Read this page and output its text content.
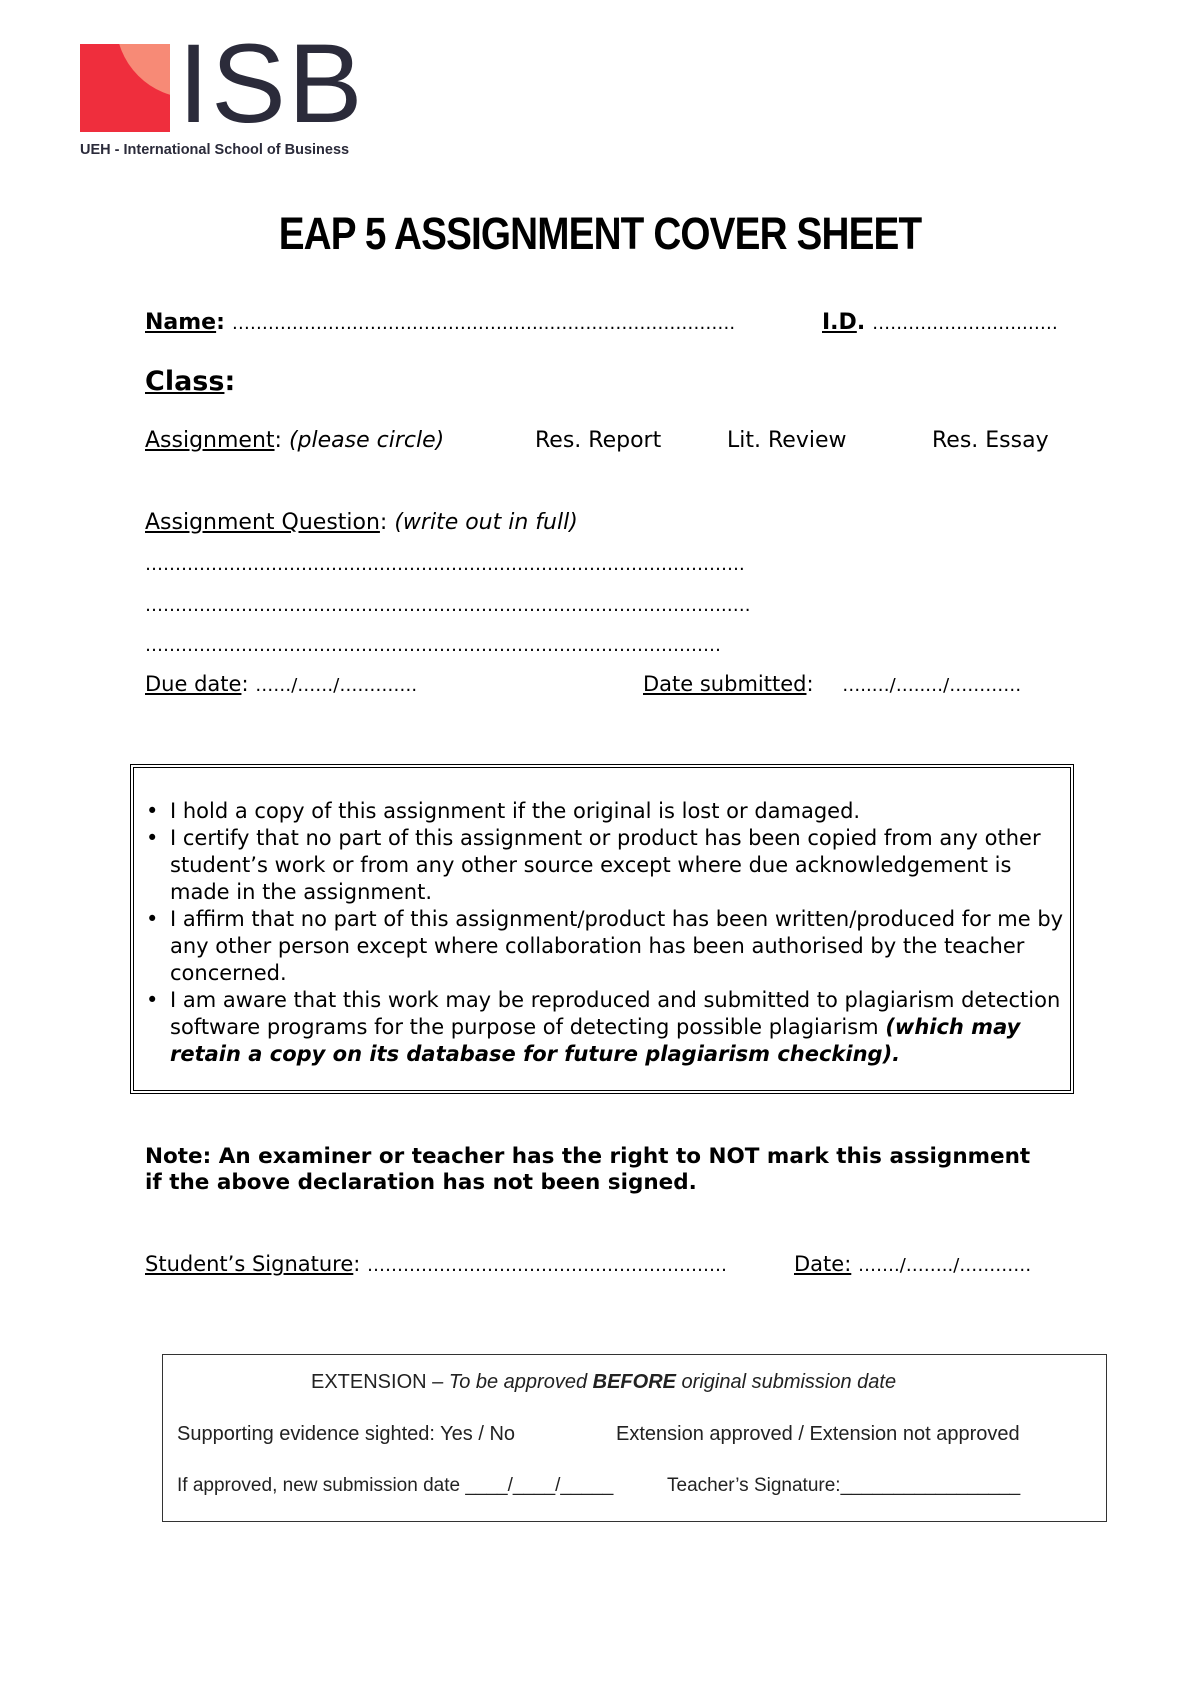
ISB
UEH - International School of Business
EAP 5 ASSIGNMENT COVER SHEET
Name: ……………………………………………..………………………….	I.D. …………………….……
Class:
Assignment: (please circle)	Res. Report	Lit. Review	Res. Essay
Assignment Question: (write out in full)
……………………………………………………………………………………….
…………………………………………………………………………………….….
……………………………………………………………………………………
Due date: ……/……/………….	Date submitted: …..…/…..…/…………
• I hold a copy of this assignment if the original is lost or damaged.
• I certify that no part of this assignment or product has been copied from any other student’s work or from any other source except where due acknowledgement is made in the assignment.
• I affirm that no part of this assignment/product has been written/produced for me by any other person except where collaboration has been authorised by the teacher concerned.
• I am aware that this work may be reproduced and submitted to plagiarism detection software programs for the purpose of detecting possible plagiarism (which may retain a copy on its database for future plagiarism checking).
Note: An examiner or teacher has the right to NOT mark this assignment
if the above declaration has not been signed.
Student’s Signature: ……………………………………………………	Date: ……./……../…………
EXTENSION – To be approved BEFORE original submission date
Supporting evidence sighted: Yes / No	Extension approved / Extension not approved
If approved, new submission date ____/____/_____	Teacher’s Signature:_________________
